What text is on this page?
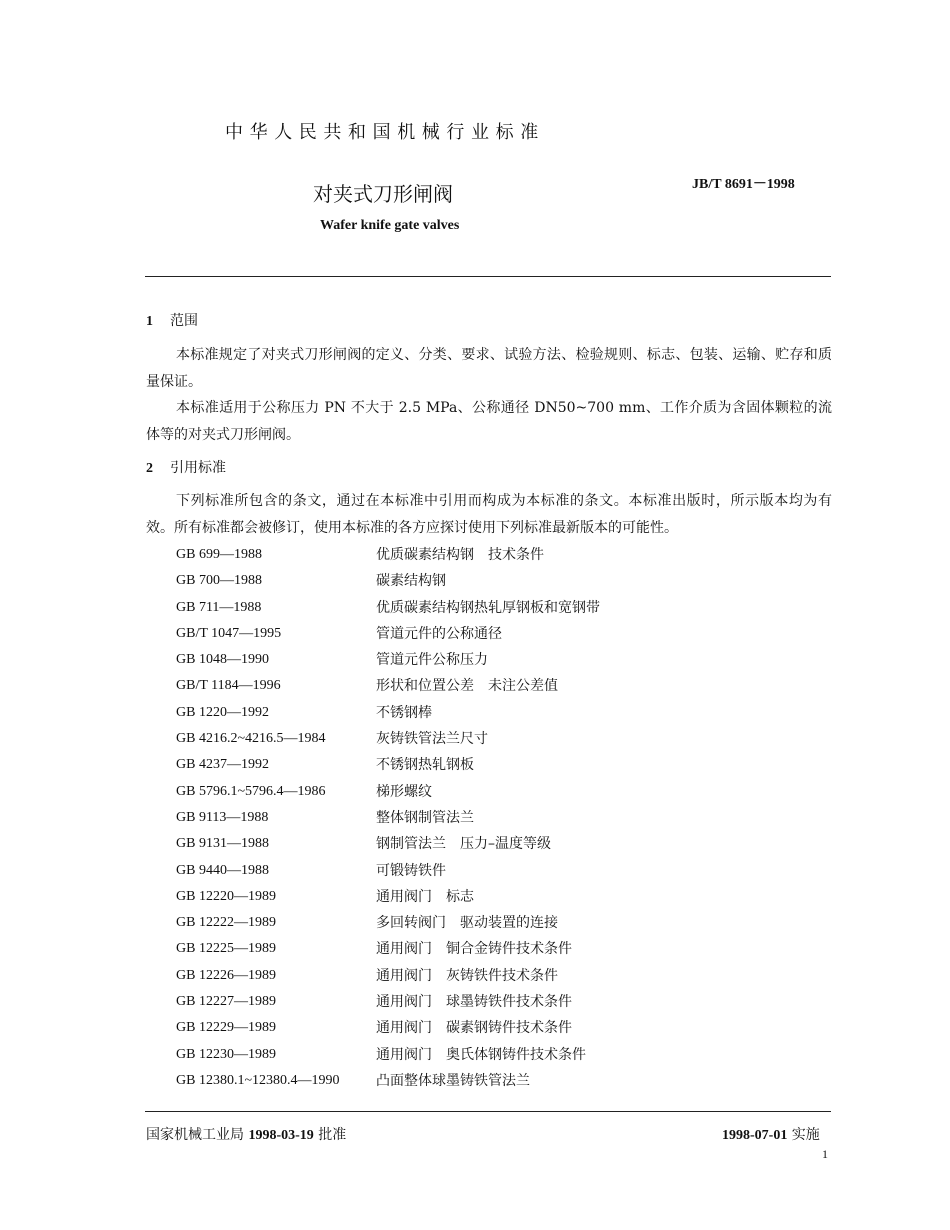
中华人民共和国机械行业标准
JB/T 8691－1998
对夹式刀形闸阀
Wafer knife gate valves
1 范围
本标准规定了对夹式刀形闸阀的定义、分类、要求、试验方法、检验规则、标志、包装、运输、贮存和质量保证。
本标准适用于公称压力 PN 不大于 2.5 MPa、公称通径 DN50~700 mm、工作介质为含固体颗粒的流体等的对夹式刀形闸阀。
2 引用标准
下列标准所包含的条文，通过在本标准中引用而构成为本标准的条文。本标准出版时，所示版本均为有效。所有标准都会被修订，使用本标准的各方应探讨使用下列标准最新版本的可能性。
GB 699—1988	优质碳素结构钢　技术条件
GB 700—1988	碳素结构钢
GB 711—1988	优质碳素结构钢热轧厚钢板和宽钢带
GB/T 1047—1995	管道元件的公称通径
GB 1048—1990	管道元件公称压力
GB/T 1184—1996	形状和位置公差　未注公差值
GB 1220—1992	不锈钢棒
GB 4216.2~4216.5—1984	灰铸铁管法兰尺寸
GB 4237—1992	不锈钢热轧钢板
GB 5796.1~5796.4—1986	梯形螺纹
GB 9113—1988	整体钢制管法兰
GB 9131—1988	钢制管法兰　压力–温度等级
GB 9440—1988	可锻铸铁件
GB 12220—1989	通用阀门　标志
GB 12222—1989	多回转阀门　驱动装置的连接
GB 12225—1989	通用阀门　铜合金铸件技术条件
GB 12226—1989	通用阀门　灰铸铁件技术条件
GB 12227—1989	通用阀门　球墨铸铁件技术条件
GB 12229—1989	通用阀门　碳素钢铸件技术条件
GB 12230—1989	通用阀门　奥氏体钢铸件技术条件
GB 12380.1~12380.4—1990	凸面整体球墨铸铁管法兰
国家机械工业局 1998-03-19 批准	1998-07-01 实施
1
